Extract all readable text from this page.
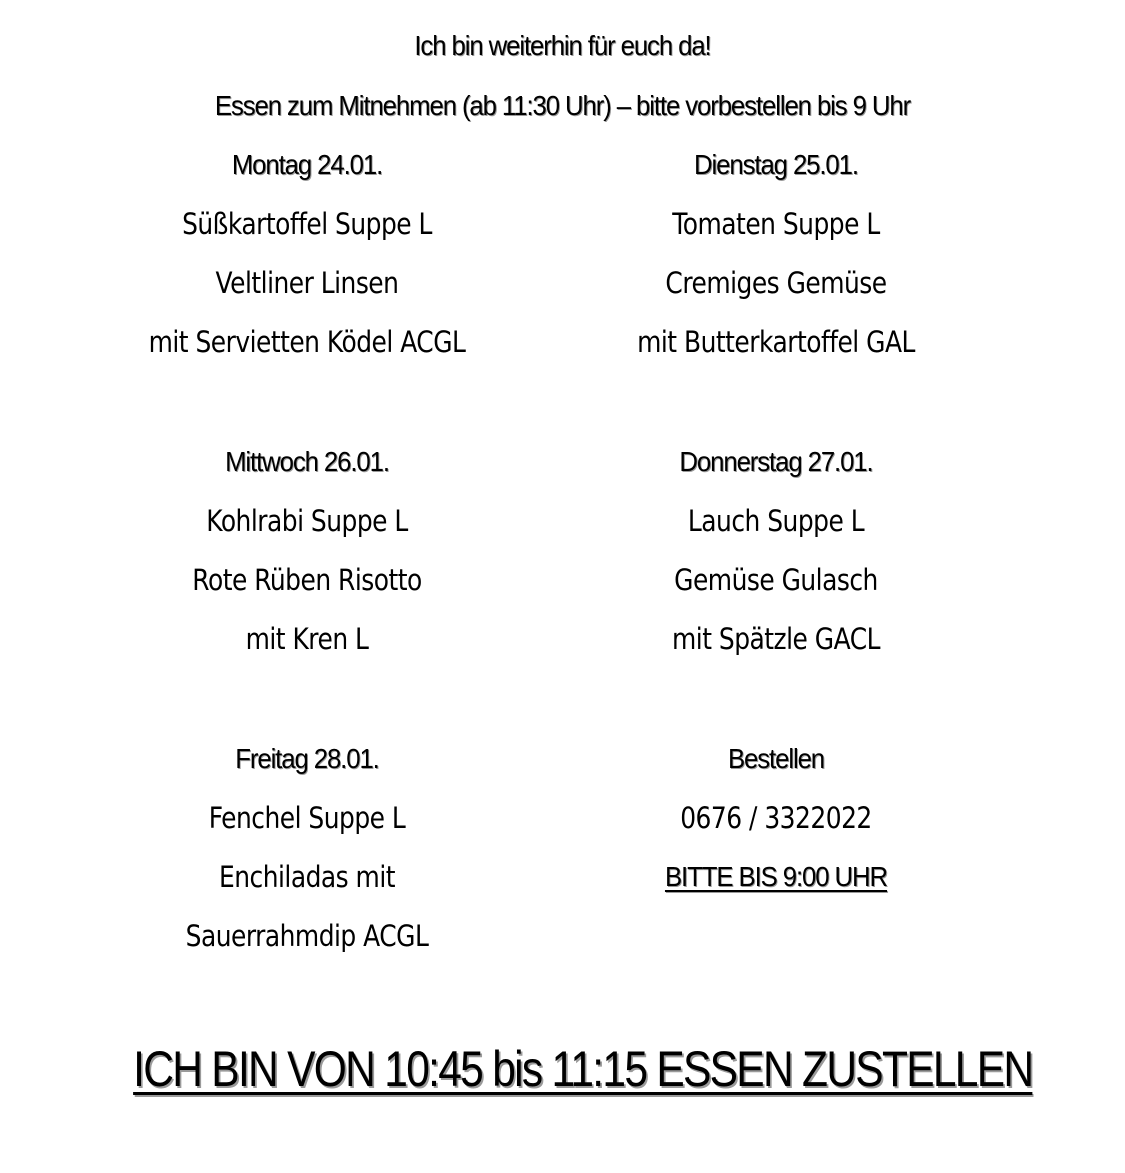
Ich bin weiterhin für euch da!
Essen zum Mitnehmen (ab 11:30 Uhr) – bitte vorbestellen bis 9 Uhr
Montag 24.01.
Süßkartoffel Suppe L
Veltliner Linsen
mit Servietten Ködel ACGL
Dienstag 25.01.
Tomaten Suppe L
Cremiges Gemüse
mit Butterkartoffel GAL
Mittwoch 26.01.
Kohlrabi Suppe L
Rote Rüben Risotto
mit Kren L
Donnerstag 27.01.
Lauch Suppe L
Gemüse Gulasch
mit Spätzle GACL
Freitag 28.01.
Fenchel Suppe L
Enchiladas mit
Sauerrahmdip ACGL
Bestellen
0676 / 3322022
BITTE BIS 9:00 UHR
ICH BIN VON 10:45 bis 11:15 ESSEN ZUSTELLEN
